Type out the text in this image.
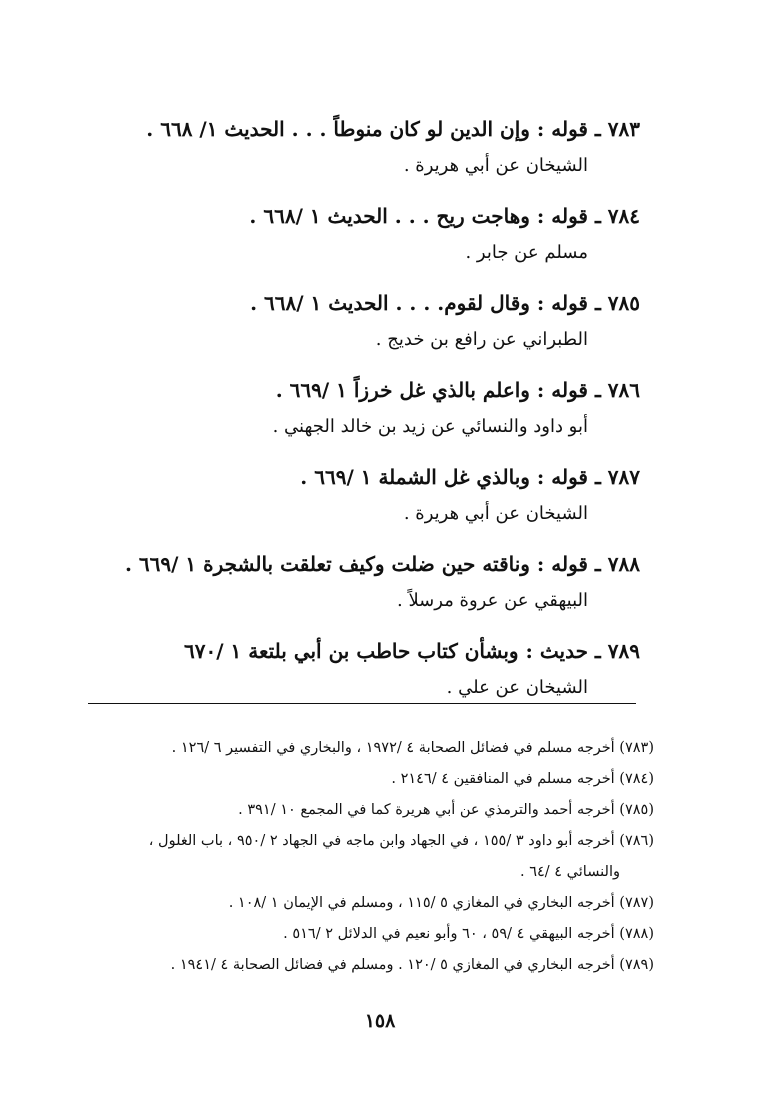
٧٨٣ ـ قوله : وإن الدين لو كان منوطاً . . . الحديث ١/ ٦٦٨ .
الشيخان عن أبي هريرة .
٧٨٤ ـ قوله : وهاجت ريح . . . الحديث ١ /٦٦٨ .
مسلم عن جابر .
٧٨٥ ـ قوله : وقال لقوم. . . . الحديث ١ /٦٦٨ .
الطبراني عن رافع بن خديج .
٧٨٦ ـ قوله : واعلم بالذي غل خرزاً ١ /٦٦٩ .
أبو داود والنسائي عن زيد بن خالد الجهني .
٧٨٧ ـ قوله : وبالذي غل الشملة ١ /٦٦٩ .
الشيخان عن أبي هريرة .
٧٨٨ ـ قوله : وناقته حين ضلت وكيف تعلقت بالشجرة ١ /٦٦٩ .
البيهقي عن عروة مرسلاً .
٧٨٩ ـ حديث : وبشأن كتاب حاطب بن أبي بلتعة ١ /٦٧٠
الشيخان عن علي .
(٧٨٣) أخرجه مسلم في فضائل الصحابة ٤ /١٩٧٢ ، والبخاري في التفسير ٦ /١٢٦ .
(٧٨٤) أخرجه مسلم في المنافقين ٤ /٢١٤٦ .
(٧٨٥) أخرجه أحمد والترمذي عن أبي هريرة كما في المجمع ١٠ /٣٩١ .
(٧٨٦) أخرجه أبو داود ٣ /١٥٥ ، في الجهاد وابن ماجه في الجهاد ٢ /٩٥٠ ، باب الغلول ،
والنسائي ٤ /٦٤ .
(٧٨٧) أخرجه البخاري في المغازي ٥ /١١٥ ، ومسلم في الإيمان ١ /١٠٨ .
(٧٨٨) أخرجه البيهقي ٤ /٥٩ ، ٦٠ وأبو نعيم في الدلائل ٢ /٥١٦ .
(٧٨٩) أخرجه البخاري في المغازي ٥ /١٢٠ . ومسلم في فضائل الصحابة ٤ /١٩٤١ .
١٥٨
